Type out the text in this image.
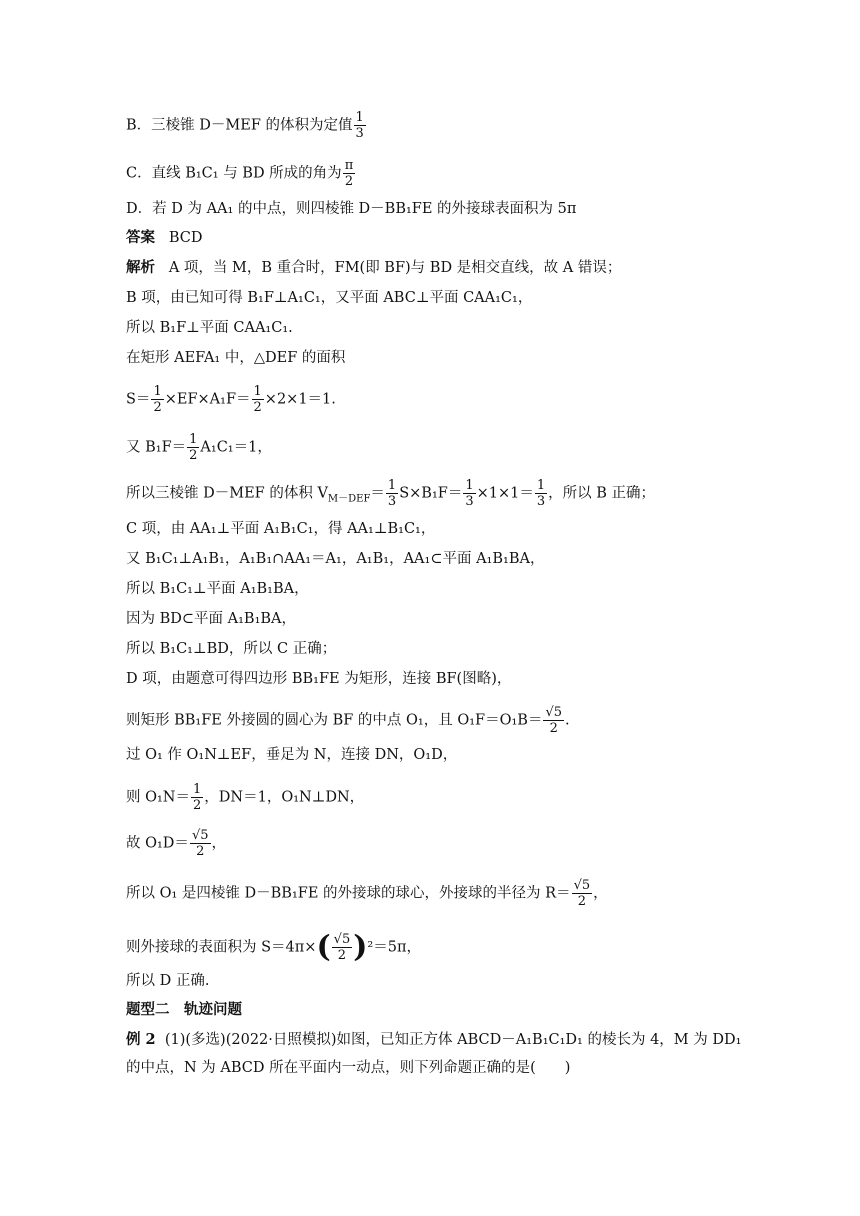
B．三棱锥 D－MEF 的体积为定值 $\frac{1}{3}$
C．直线 B₁C₁ 与 BD 所成的角为 $\frac{\pi}{2}$
D．若 D 为 AA₁ 的中点，则四棱锥 D－BB₁FE 的外接球表面积为 5π
答案 BCD
解析 A 项，当 M，B 重合时，FM(即 BF)与 BD 是相交直线，故 A 错误；
B 项，由已知可得 B₁F⊥A₁C₁，又平面 ABC⊥平面 CAA₁C₁，
所以 B₁F⊥平面 CAA₁C₁.
在矩形 AEFA₁ 中，△DEF 的面积
$S= \frac{1}{2} \times EF\times A_1F= \frac{1}{2} \times 2\times 1=1$.
又 $B_1F= \frac{1}{2} A_1C_1=1$，
所以三棱锥 D－MEF 的体积 $V_{M-DEF}= \frac{1}{3} S\times B_1F= \frac{1}{3} \times 1\times 1= \frac{1}{3}$ ，所以 B 正确；
C 项，由 AA₁⊥平面 A₁B₁C₁，得 AA₁⊥B₁C₁，
又 B₁C₁⊥A₁B₁，A₁B₁∩AA₁＝A₁，A₁B₁，AA₁⊂平面 A₁B₁BA，
所以 B₁C₁⊥平面 A₁B₁BA，
因为 BD⊂平面 A₁B₁BA，
所以 B₁C₁⊥BD，所以 C 正确；
D 项，由题意可得四边形 BB₁FE 为矩形，连接 BF(图略)，
则矩形 BB₁FE 外接圆的圆心为 BF 的中点 O₁，且 $O_1F=O_1B= \frac{√5}{2}$ .
过 O₁ 作 O₁N⊥EF，垂足为 N，连接 DN，O₁D，
则 $O_1N= \frac{1}{2}$ ，DN＝1，O₁N⊥DN，
故 $O_1D= \frac{√5}{2}$ ，
所以 O₁ 是四棱锥 D－BB₁FE 的外接球的球心，外接球的半径为 $R= \frac{√5}{2}$ ，
则外接球的表面积为 $S=4\pi\times( \frac{√5}{2} )^2=5\pi$，
所以 D 正确.
题型二　轨迹问题
例 2 (1)(多选)(2022·日照模拟)如图，已知正方体 ABCD－A₁B₁C₁D₁ 的棱长为 4，M 为 DD₁
的中点，N 为 ABCD 所在平面内一动点，则下列命题正确的是(　　)
